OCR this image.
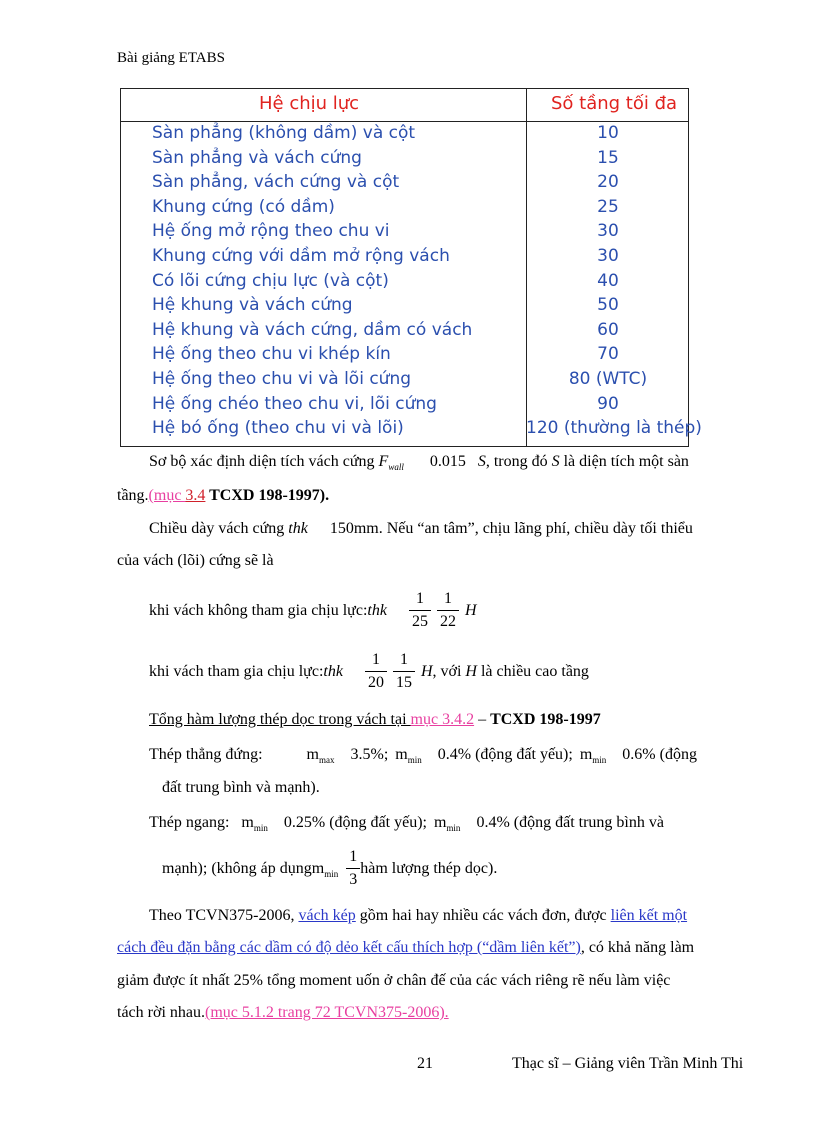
Bài giảng ETABS
Hệ chịu lực	Số tầng tối đa
Sàn phẳng (không dầm) và cột	10
Sàn phẳng và vách cứng	15
Sàn phẳng, vách cứng và cột	20
Khung cứng (có dầm)	25
Hệ ống mở rộng theo chu vi	30
Khung cứng với dầm mở rộng vách	30
Có lõi cứng chịu lực (và cột)	40
Hệ khung và vách cứng	50
Hệ khung và vách cứng, dầm có vách	60
Hệ ống theo chu vi khép kín	70
Hệ ống theo chu vi và lõi cứng	80 (WTC)
Hệ ống chéo theo chu vi, lõi cứng	90
Hệ bó ống (theo chu vi và lõi)	120 (thường là thép)
Sơ bộ xác định diện tích vách cứng $F_{wall}$ 0.015 S, trong đó S là diện tích một sàn
tầng.(mục 3.4 TCXD 198-1997).
Chiều dày vách cứng thk 150mm. Nếu “an tâm”, chịu lãng phí, chiều dày tối thiểu
của vách (lõi) cứng sẽ là
khi vách không tham gia chịu lực: thk $\frac{1}{25} \frac{1}{22}$ H
khi vách tham gia chịu lực: thk $\frac{1}{20} \frac{1}{15} H$, với H là chiều cao tầng
Tổng hàm lượng thép dọc trong vách tại mục 3.4.2 – TCXD 198-1997
Thép thẳng đứng:	$m_{max}$ 3.5%; $m_{min}$ 0.4% (động đất yếu); $m_{min}$ 0.6% (động
đất trung bình và mạnh).
Thép ngang: $m_{min}$ 0.25% (động đất yếu); $m_{min}$ 0.4% (động đất trung bình và
mạnh); (không áp dụng m $\min \frac{1}{3}$ hàm lượng thép dọc).
Theo TCVN375-2006, vách kép gồm hai hay nhiều các vách đơn, được liên kết một
cách đều đặn bằng các dầm có độ dẻo kết cấu thích hợp (“dầm liên kết”), có khả năng làm
giảm được ít nhất 25% tổng moment uốn ở chân đế của các vách riêng rẽ nếu làm việc
tách rời nhau.(mục 5.1.2 trang 72 TCVN375-2006).
21	Thạc sĩ – Giảng viên Trần Minh Thi
